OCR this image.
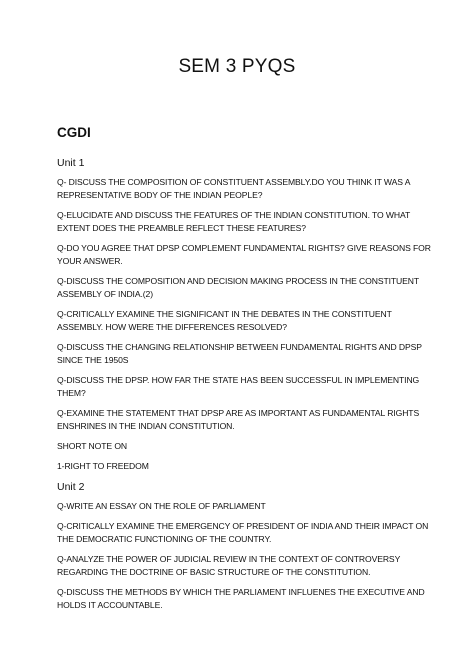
SEM 3 PYQS
CGDI
Unit 1
Q- DISCUSS THE COMPOSITION OF CONSTITUENT ASSEMBLY.DO YOU THINK IT WAS A
REPRESENTATIVE BODY OF THE INDIAN PEOPLE?
Q-ELUCIDATE AND DISCUSS THE FEATURES OF THE INDIAN CONSTITUTION. TO WHAT
EXTENT DOES THE PREAMBLE REFLECT THESE FEATURES?
Q-DO YOU AGREE THAT DPSP COMPLEMENT FUNDAMENTAL RIGHTS? GIVE REASONS FOR
YOUR ANSWER.
Q-DISCUSS THE COMPOSITION AND DECISION MAKING PROCESS IN THE CONSTITUENT
ASSEMBLY OF INDIA.(2)
Q-CRITICALLY EXAMINE THE SIGNIFICANT IN THE DEBATES IN THE CONSTITUENT
ASSEMBLY. HOW WERE THE DIFFERENCES RESOLVED?
Q-DISCUSS THE CHANGING RELATIONSHIP BETWEEN FUNDAMENTAL RIGHTS AND DPSP
SINCE THE 1950S
Q-DISCUSS THE DPSP. HOW FAR THE STATE HAS BEEN SUCCESSFUL IN IMPLEMENTING
THEM?
Q-EXAMINE THE STATEMENT THAT DPSP ARE AS IMPORTANT AS FUNDAMENTAL RIGHTS
ENSHRINES IN THE INDIAN CONSTITUTION.
SHORT NOTE ON
1-RIGHT TO FREEDOM
Unit 2
Q-WRITE AN ESSAY ON THE ROLE OF PARLIAMENT
Q-CRITICALLY EXAMINE THE EMERGENCY OF PRESIDENT OF INDIA AND THEIR IMPACT ON
THE DEMOCRATIC FUNCTIONING OF THE COUNTRY.
Q-ANALYZE THE POWER OF JUDICIAL REVIEW IN THE CONTEXT OF CONTROVERSY
REGARDING THE DOCTRINE OF BASIC STRUCTURE OF THE CONSTITUTION.
Q-DISCUSS THE METHODS BY WHICH THE PARLIAMENT INFLUENES THE EXECUTIVE AND
HOLDS IT ACCOUNTABLE.
